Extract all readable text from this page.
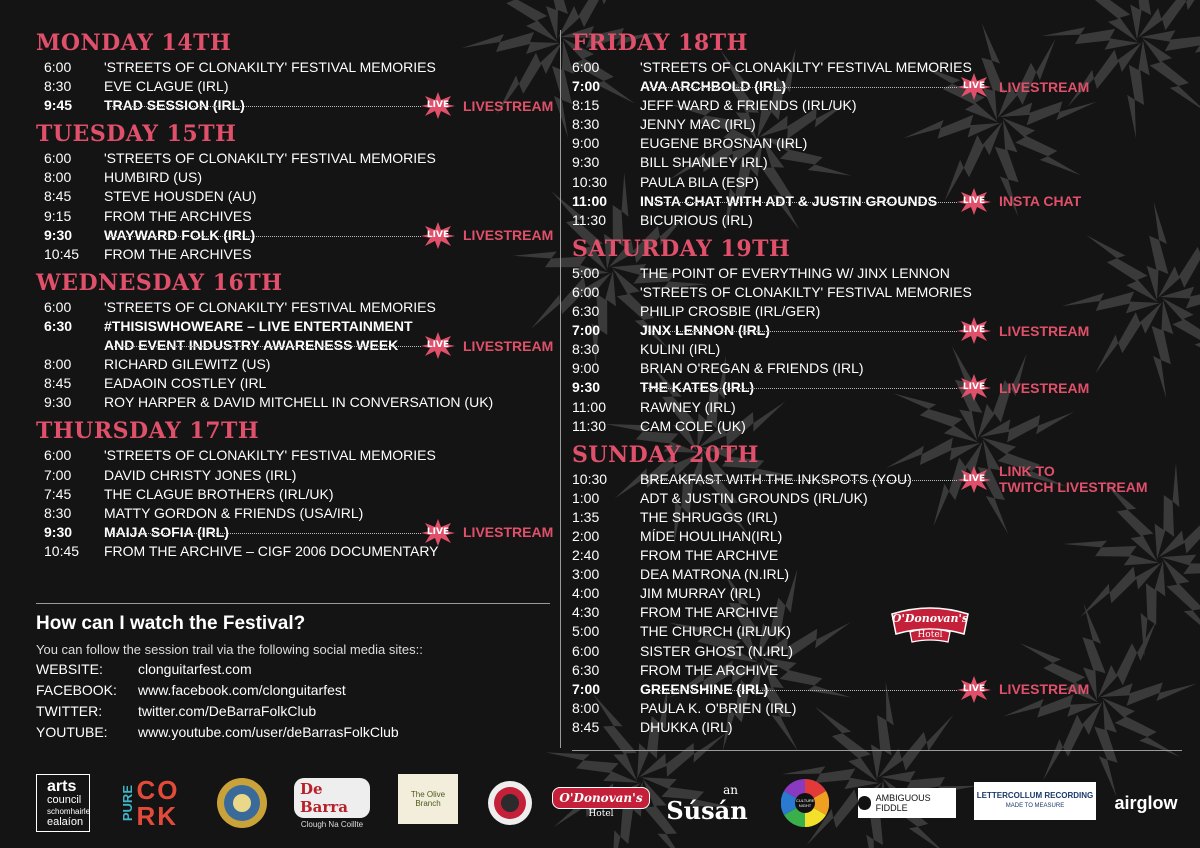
MONDAY 14TH
6:00	'STREETS OF CLONAKILTY' FESTIVAL MEMORIES
8:30	EVE CLAGUE (IRL)
9:45	TRAD SESSION (IRL)	LIVE LIVESTREAM
TUESDAY 15TH
6:00	'STREETS OF CLONAKILTY' FESTIVAL MEMORIES
8:00	HUMBIRD (US)
8:45	STEVE HOUSDEN (AU)
9:15	FROM THE ARCHIVES
9:30	WAYWARD FOLK (IRL)	LIVE LIVESTREAM
10:45	FROM THE ARCHIVES
WEDNESDAY 16TH
6:00	'STREETS OF CLONAKILTY' FESTIVAL MEMORIES
6:30	#THISISWHOWEARE – LIVE ENTERTAINMENT
AND EVENT INDUSTRY AWARENESS WEEK	LIVE LIVESTREAM
8:00	RICHARD GILEWITZ (US)
8:45	EADAOIN COSTLEY (IRL
9:30	ROY HARPER & DAVID MITCHELL IN CONVERSATION (UK)
THURSDAY 17TH
6:00	'STREETS OF CLONAKILTY' FESTIVAL MEMORIES
7:00	DAVID CHRISTY JONES (IRL)
7:45	THE CLAGUE BROTHERS (IRL/UK)
8:30	MATTY GORDON & FRIENDS (USA/IRL)
9:30	MAIJA SOFIA (IRL)	LIVE LIVESTREAM
10:45	FROM THE ARCHIVE – CIGF 2006 DOCUMENTARY
FRIDAY 18TH
6:00	'STREETS OF CLONAKILTY' FESTIVAL MEMORIES
7:00	AVA ARCHBOLD (IRL)	LIVE LIVESTREAM
8:15	JEFF WARD & FRIENDS (IRL/UK)
8:30	JENNY MAC (IRL)
9:00	EUGENE BROSNAN (IRL)
9:30	BILL SHANLEY IRL)
10:30	PAULA BILA (ESP)
11:00	INSTA CHAT WITH ADT & JUSTIN GROUNDS	LIVE INSTA CHAT
11:30	BICURIOUS (IRL)
SATURDAY 19TH
5:00	THE POINT OF EVERYTHING W/ JINX LENNON
6:00	'STREETS OF CLONAKILTY' FESTIVAL MEMORIES
6:30	PHILIP CROSBIE (IRL/GER)
7:00	JINX LENNON (IRL)	LIVE LIVESTREAM
8:30	KULINI (IRL)
9:00	BRIAN O'REGAN & FRIENDS (IRL)
9:30	THE KATES (IRL)	LIVE LIVESTREAM
11:00	RAWNEY (IRL)
11:30	CAM COLE (UK)
SUNDAY 20TH
10:30	BREAKFAST WITH THE INKSPOTS (YOU)	LIVE LINK TO
TWITCH LIVESTREAM
1:00	ADT & JUSTIN GROUNDS (IRL/UK)
1:35	THE SHRUGGS (IRL)
2:00	MÍDE HOULIHAN(IRL)
2:40	FROM THE ARCHIVE
3:00	DEA MATRONA (N.IRL)
4:00	JIM MURRAY (IRL)
4:30	FROM THE ARCHIVE
5:00	THE CHURCH (IRL/UK)
6:00	SISTER GHOST (N.IRL)
6:30	FROM THE ARCHIVE
7:00	GREENSHINE (IRL)	LIVE LIVESTREAM
8:00	PAULA K. O'BRIEN (IRL)
8:45	DHUKKA (IRL)
How can I watch the Festival?
You can follow the session trail via the following social media sites::
WEBSITE:	clonguitarfest.com
FACEBOOK: www.facebook.com/clonguitarfest
TWITTER:	twitter.com/DeBarraFolkClub
YOUTUBE: www.youtube.com/user/deBarrasFolkClub
O'Donovan's
Hotel
arts
council
schomhairle
ealaíon
PURE CORK
De Barra
Clough Na Coillte
The Olive Branch	O'Donovan's
Hotel
an
Súsán	CULTURE NIGHT
AMBIGUOUS FIDDLE
LETTERCOLLUM RECORDING
MADE TO MEASURE	airglow
